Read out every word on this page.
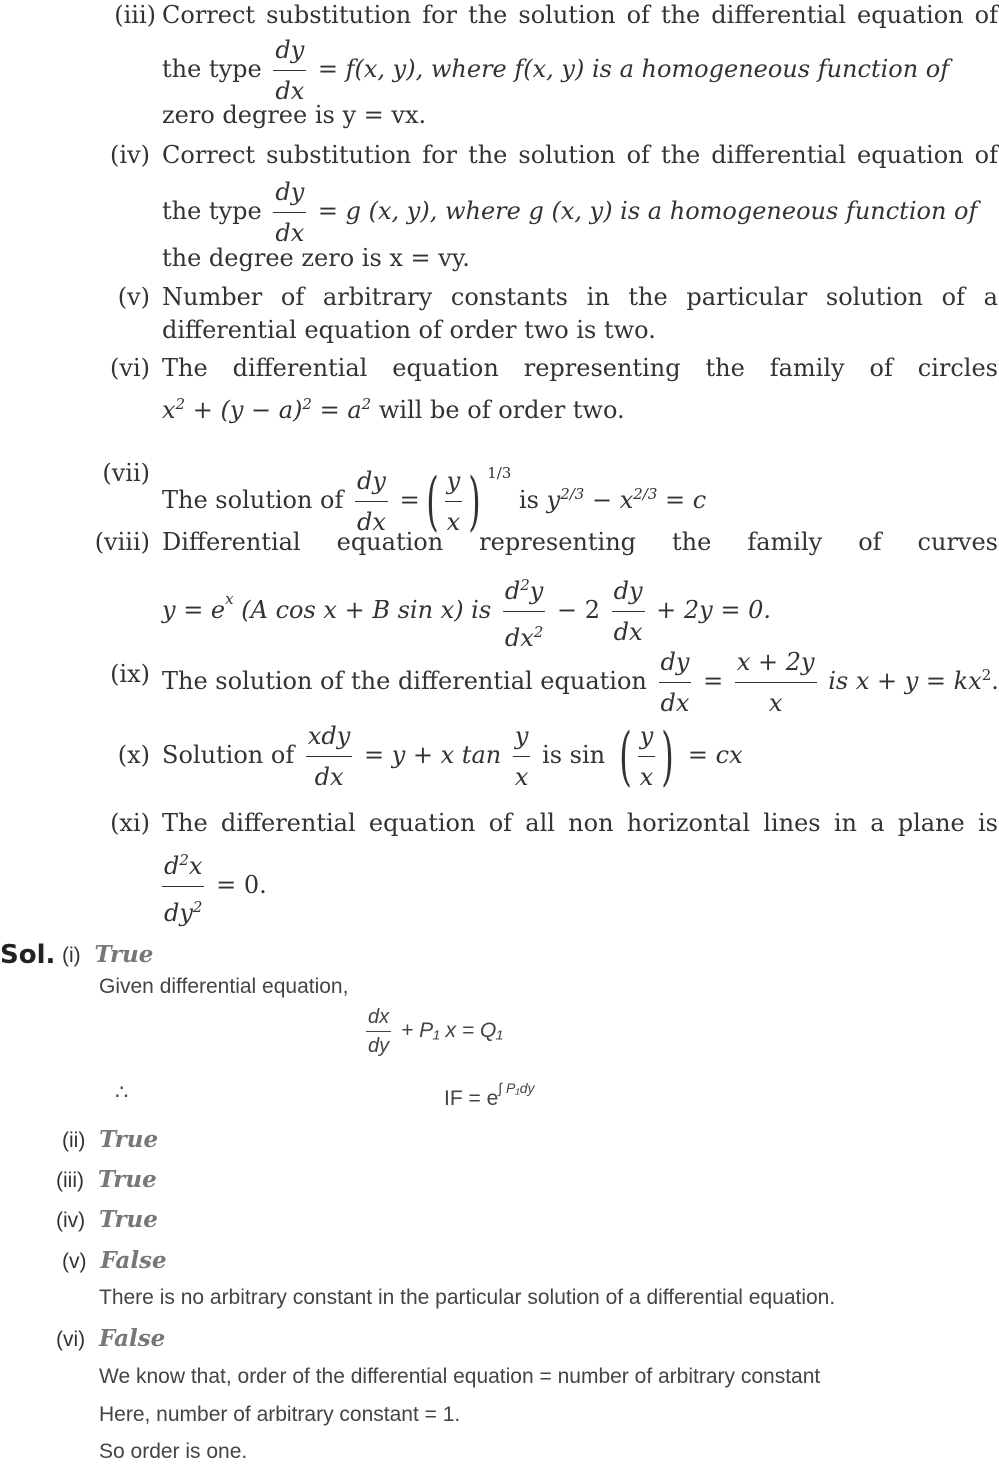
(iii) Correct substitution for the solution of the differential equation of
the type $\frac{dy}{dx} = f(x$, y), where f(x, y) is a homogeneous function of
zero degree is y = vx.
(iv) Correct substitution for the solution of the differential equation of
the type $\frac{dy}{dx} = g$ (x, y), where g (x, y) is a homogeneous function of
the degree zero is x = vy.
(v) Number of arbitrary constants in the particular solution of a
differential equation of order two is two.
(vi) The differential equation representing the family of circles
$x^2 + (y - a)^2 = a^2$ will be of order two.
(vii)
The solution of $\frac{dy}{dx}$ =( $\frac{y}{x}$ ) $^{1/3}$ is $y^{2/3} - x^{2/3} = c$
(viii) Differential equation representing the family of curves
$y = e^x$ (A cos x + B sin x) is $\frac{d^2y}{dx^2} - 2 \frac{dy}{dx} + 2y = 0$.
(ix) The solution of the differential equation $\frac{dy}{dx} = \frac{x + 2y}{x}$ is $x + y = kx^2$.
(x) Solution of $\frac{\text{xdy}}{dx} = y + x$ $\tan \frac{y}{x}$ is sin ( $\frac{y}{x}$ ) = cx
(xi) The differential equation of all non horizontal lines in a plane is
$\frac{d^2x}{dy^2} = 0$.
Sol. (i) True
Given differential equation,
$\frac{dx}{dy} + P_1$ x = Q₁
∴	IF = $e^{\int P_1dy}$
(ii) True
(iii) True
(iv) True
(v) False
There is no arbitrary constant in the particular solution of a differential equation.
(vi) False
We know that, order of the differential equation = number of arbitrary constant
Here, number of arbitrary constant = 1.
So order is one.
